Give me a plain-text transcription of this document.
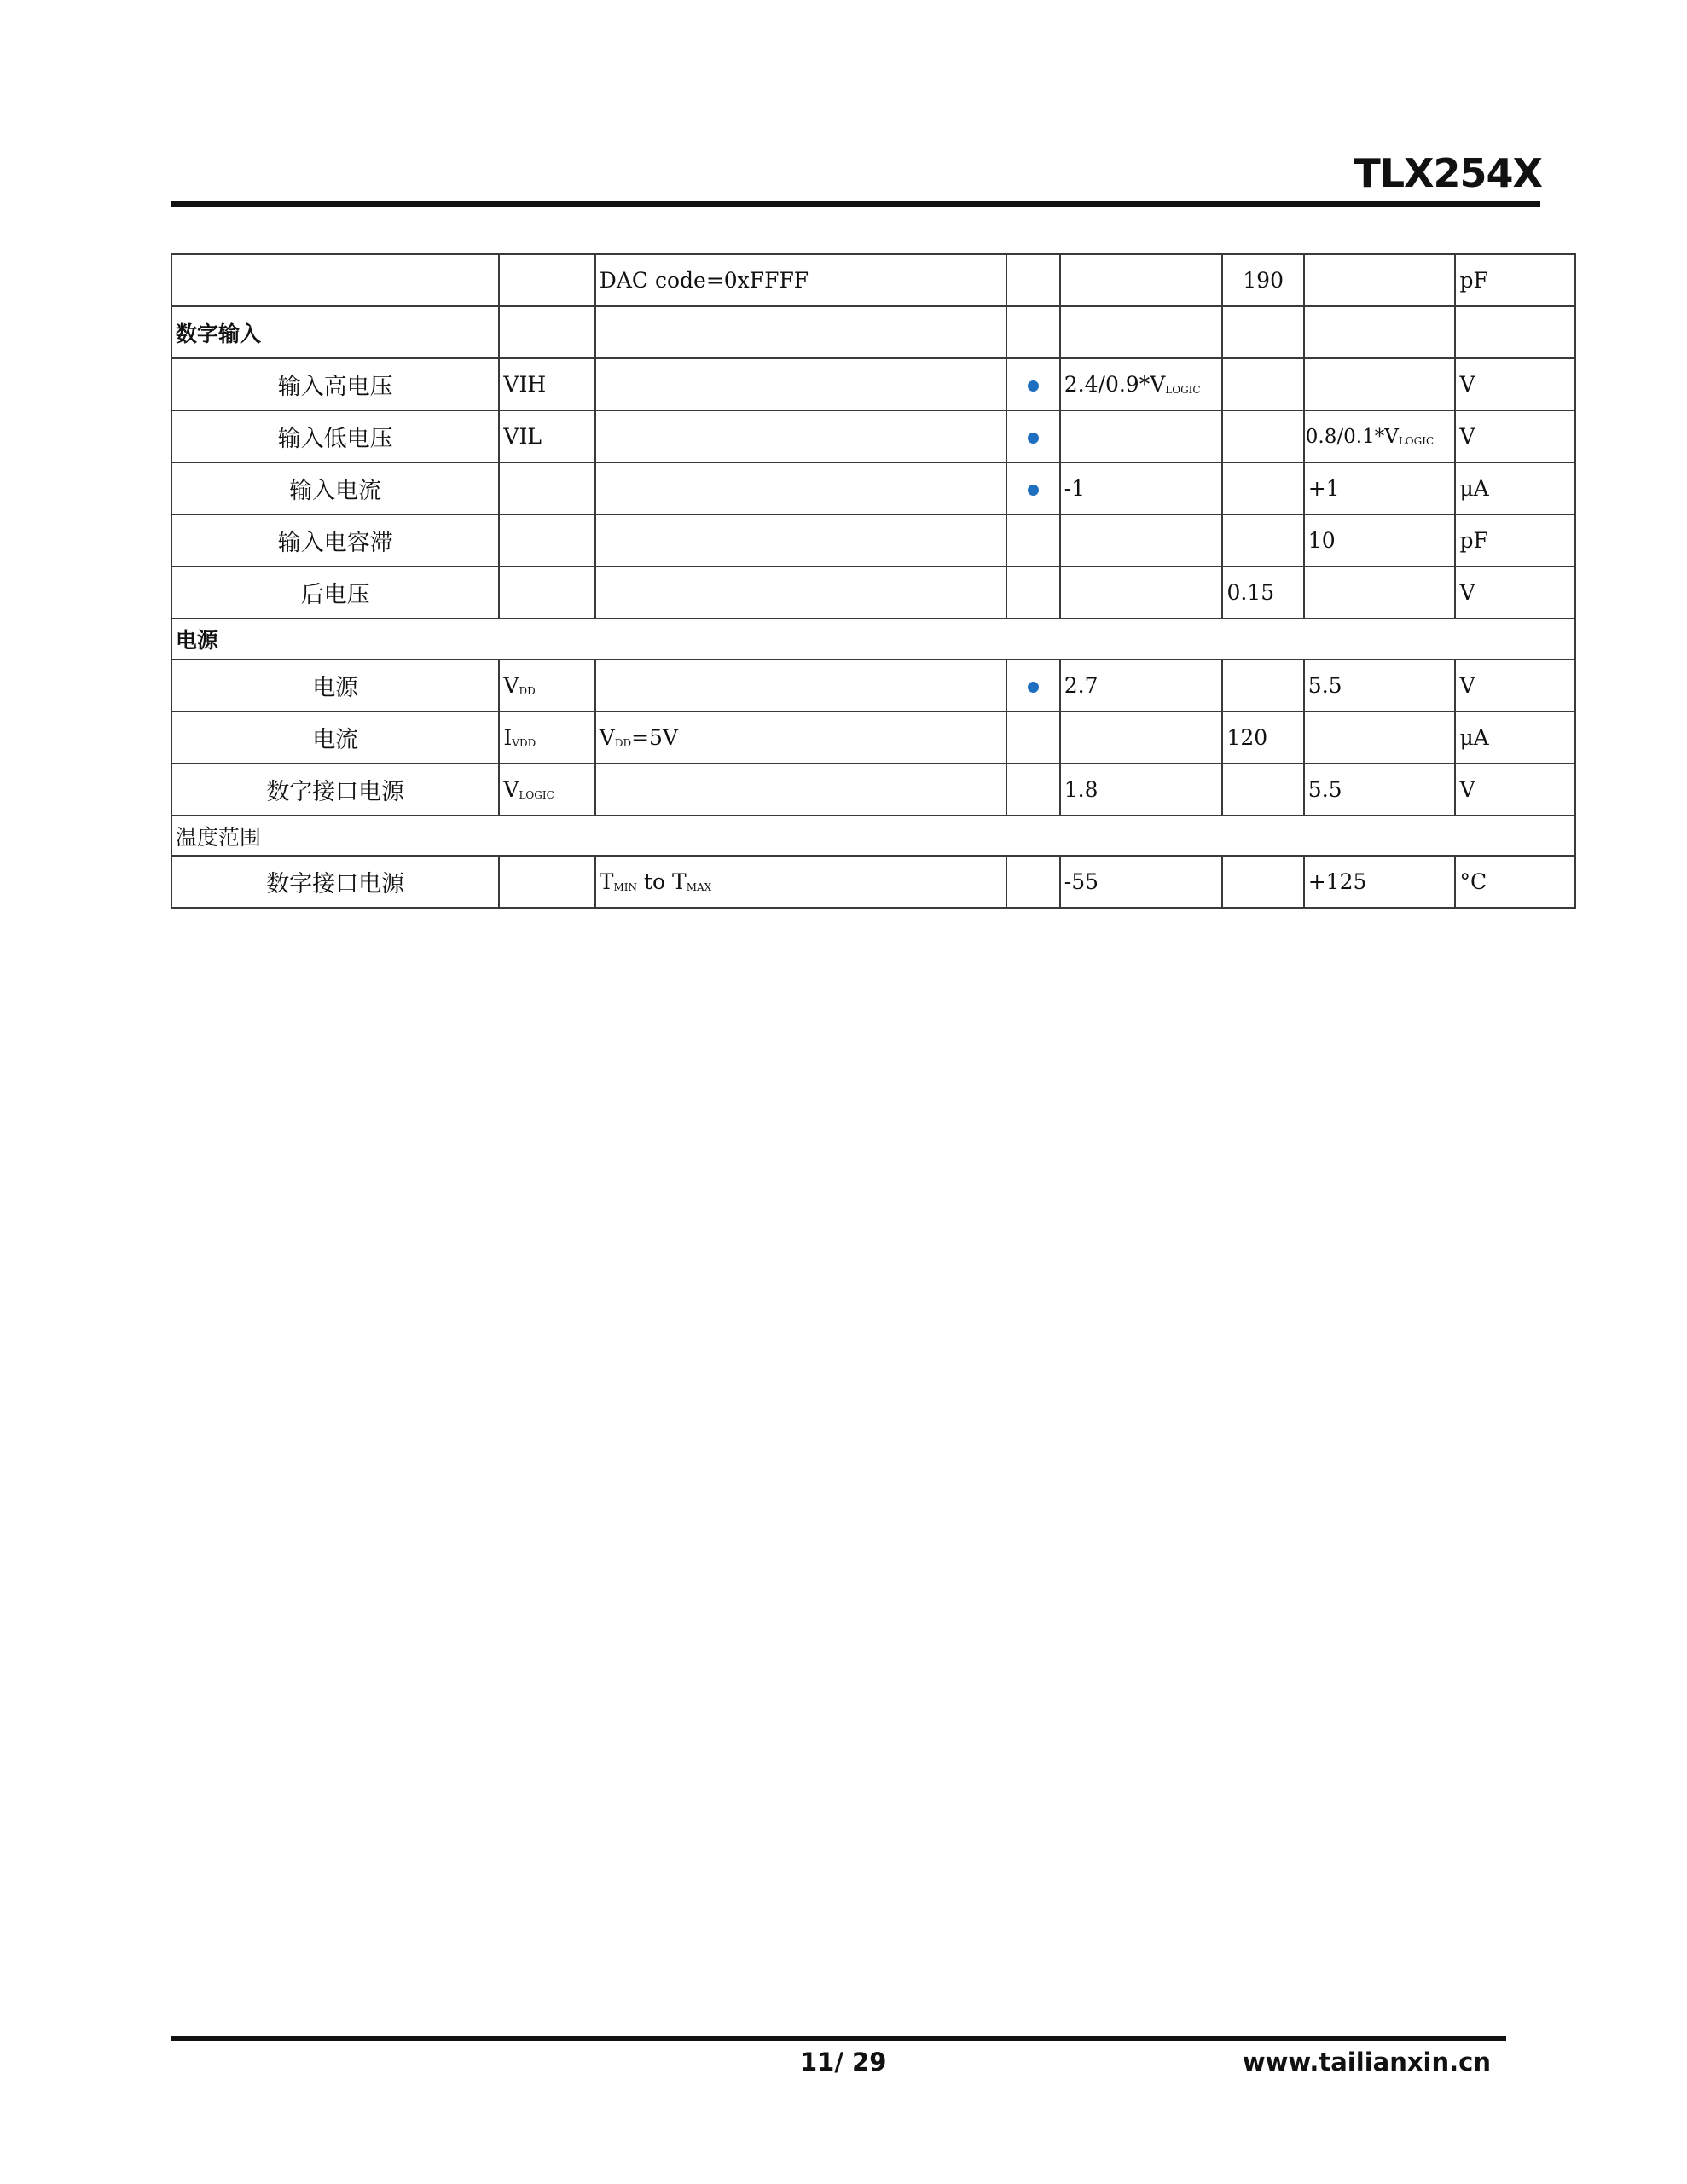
TLX254X
		DAC code=0xFFFF			190		pF
数字输入							
输入高电压	VIH			$2.4/0.9*V_{LOGIC}$			V
输入低电压	VIL					$0.8/0.1*V_{LOGIC}$	V
输入电流				-1		+1	μA
输入电容滞						10	pF
后电压					0.15		V
电源							
电源	$V_{DD}$			2.7		5.5	V
电流	$I_{VDD}$	$V_{DD}=5V$			120		μA
数字接口电源	$V_{LOGIC}$			1.8		5.5	V
温度范围							
数字接口电源		$T_{MIN}$ to $T_{MAX}$		-55		+125	°C
11/ 29	www.tailianxin.cn
